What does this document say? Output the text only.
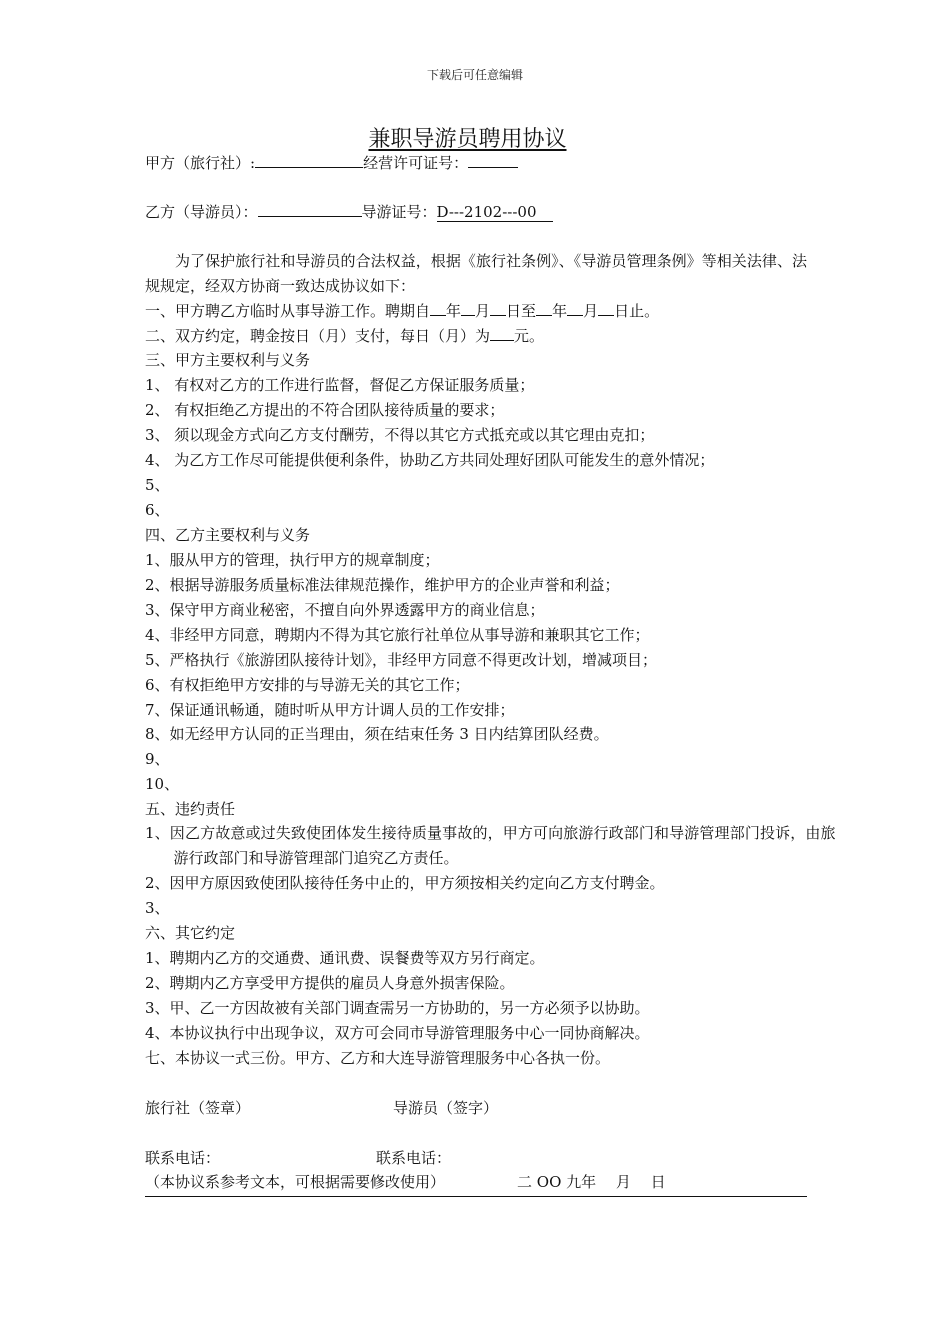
下载后可任意编辑
兼职导游员聘用协议
甲方（旅行社）:	经营许可证号：
乙方（导游员）：	导游证号：D---2102---00
为了保护旅行社和导游员的合法权益，根据《旅行社条例》、《导游员管理条例》等相关法律、法规规定，经双方协商一致达成协议如下：
一、甲方聘乙方临时从事导游工作。聘期自 年 月 日至 年 月 日止。
二、双方约定，聘金按日（月）支付，每日（月）为 元。
三、甲方主要权利与义务
1、 有权对乙方的工作进行监督，督促乙方保证服务质量；
2、 有权拒绝乙方提出的不符合团队接待质量的要求；
3、 须以现金方式向乙方支付酬劳，不得以其它方式抵充或以其它理由克扣；
4、 为乙方工作尽可能提供便利条件，协助乙方共同处理好团队可能发生的意外情况；
5、
6、
四、乙方主要权利与义务
1、服从甲方的管理，执行甲方的规章制度；
2、根据导游服务质量标准法律规范操作，维护甲方的企业声誉和利益；
3、保守甲方商业秘密，不擅自向外界透露甲方的商业信息；
4、非经甲方同意，聘期内不得为其它旅行社单位从事导游和兼职其它工作；
5、严格执行《旅游团队接待计划》，非经甲方同意不得更改计划，增减项目；
6、有权拒绝甲方安排的与导游无关的其它工作；
7、保证通讯畅通，随时听从甲方计调人员的工作安排；
8、如无经甲方认同的正当理由，须在结束任务 3 日内结算团队经费。
9、
10、
五、违约责任
1、因乙方故意或过失致使团体发生接待质量事故的，甲方可向旅游行政部门和导游管理部门投诉，由旅游行政部门和导游管理部门追究乙方责任。
2、因甲方原因致使团队接待任务中止的，甲方须按相关约定向乙方支付聘金。
3、
六、其它约定
1、聘期内乙方的交通费、通讯费、误餐费等双方另行商定。
2、聘期内乙方享受甲方提供的雇员人身意外损害保险。
3、甲、乙一方因故被有关部门调查需另一方协助的，另一方必须予以协助。
4、本协议执行中出现争议，双方可会同市导游管理服务中心一同协商解决。
七、本协议一式三份。甲方、乙方和大连导游管理服务中心各执一份。
旅行社（签章）	导游员（签字）
联系电话：	联系电话：
（本协议系参考文本，可根据需要修改使用）	二 OO 九年　 月　 日
